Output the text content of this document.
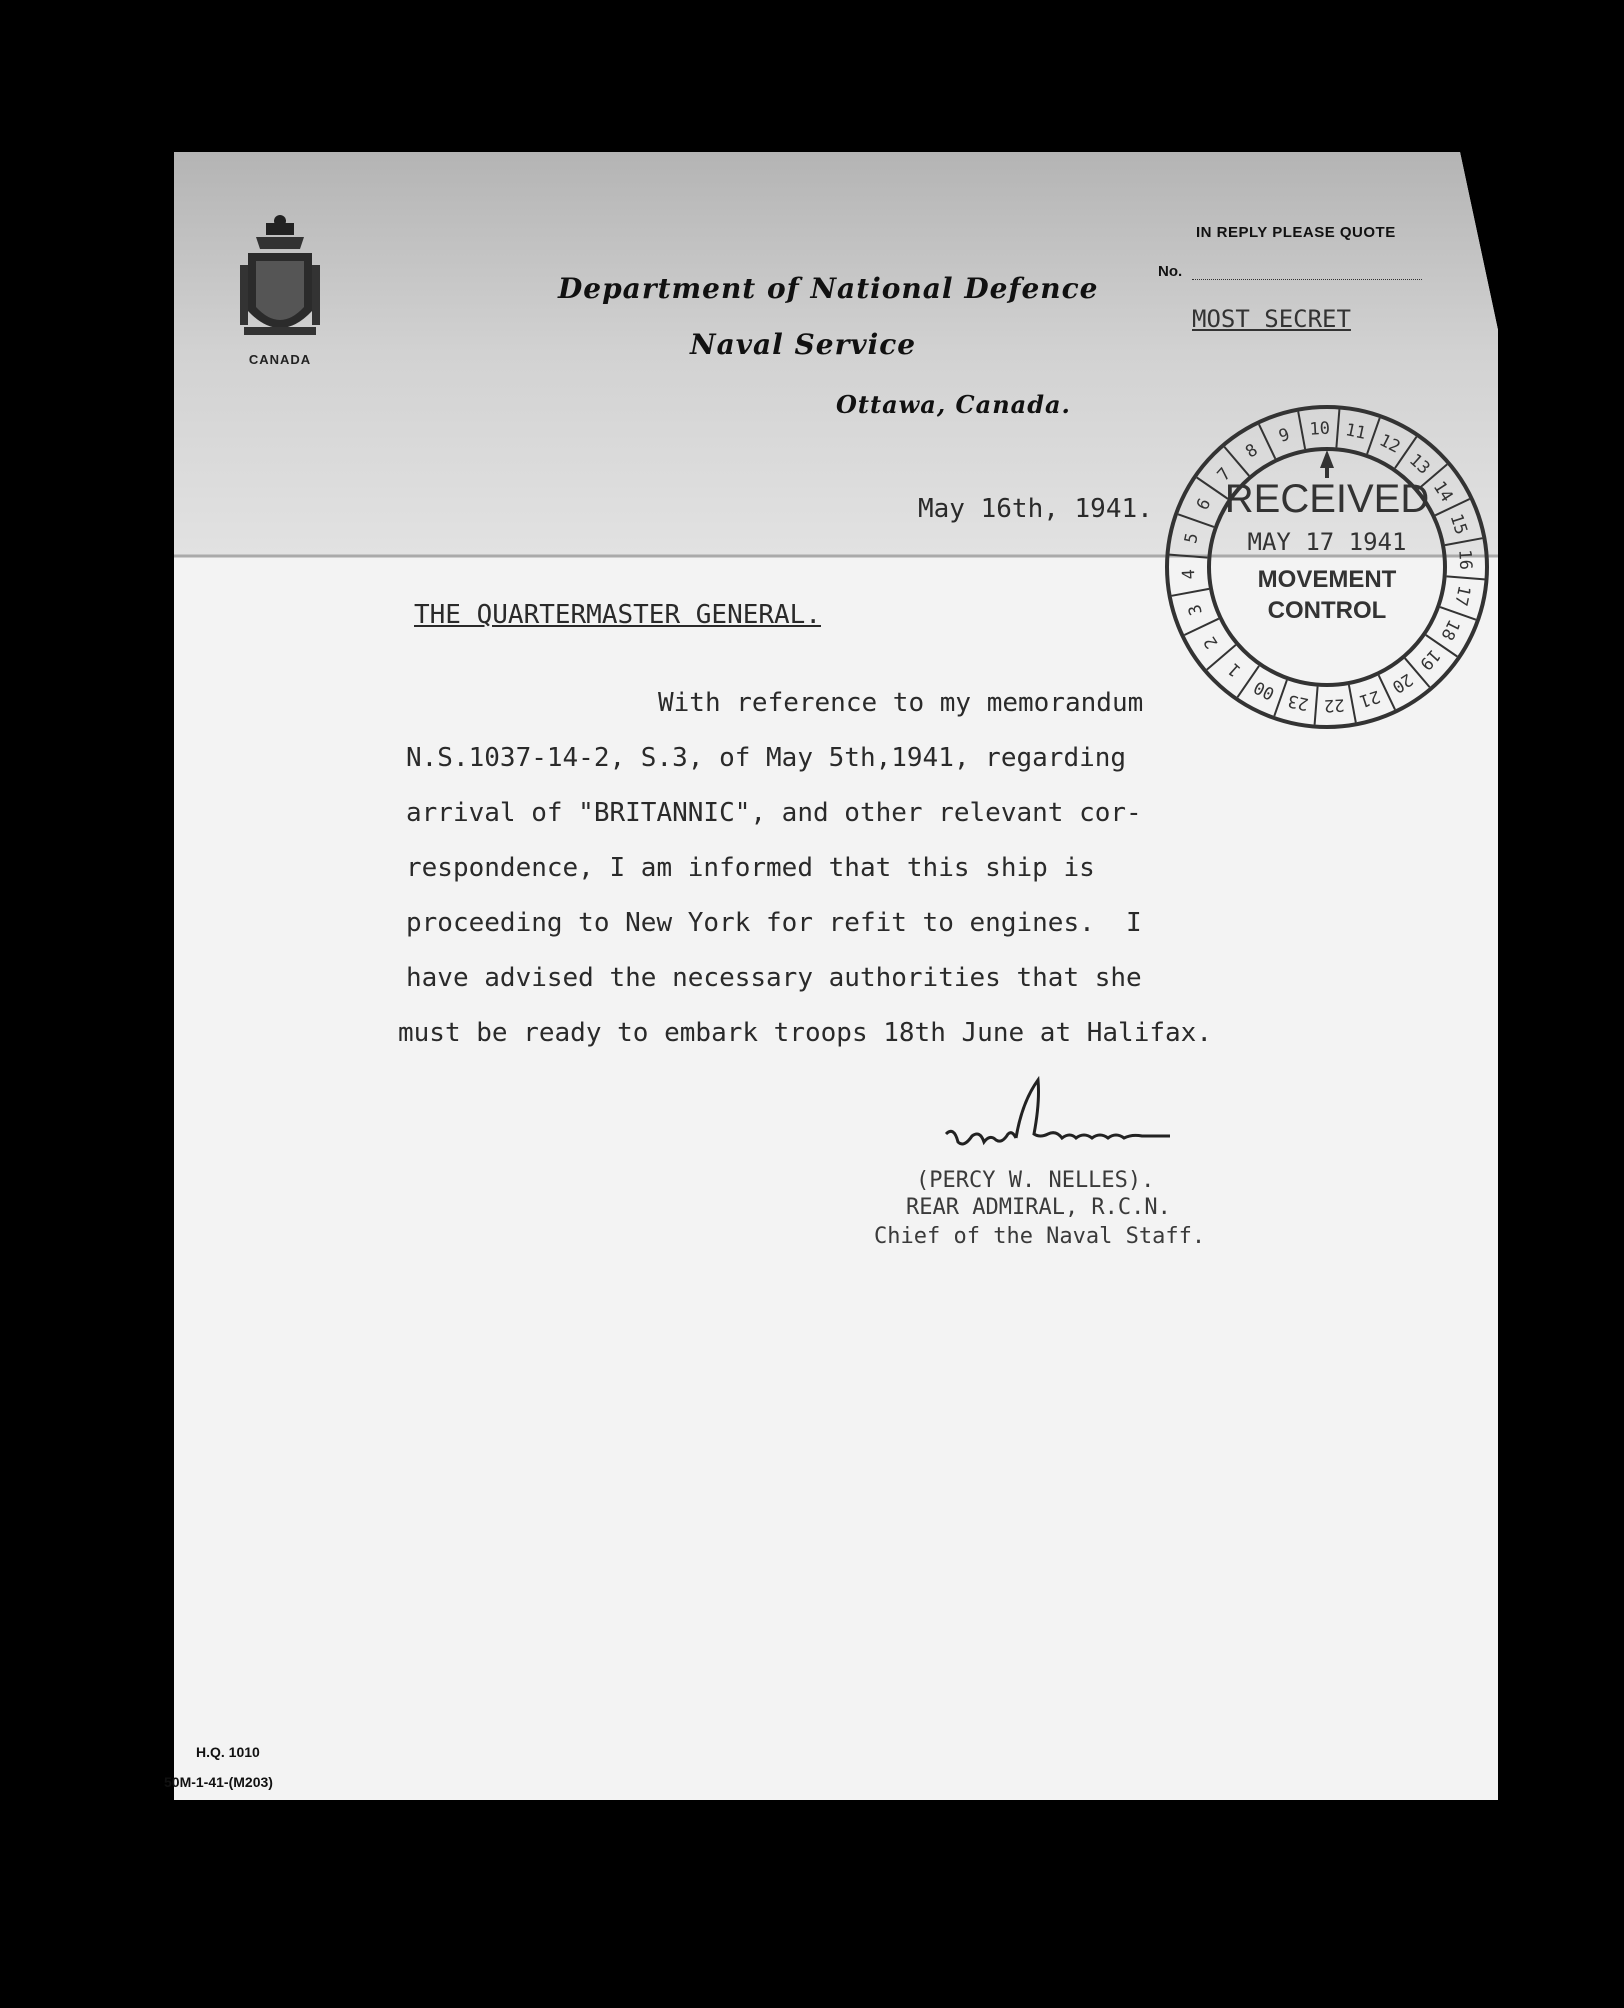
CANADA
Department of National Defence
Naval Service
Ottawa, Canada.
IN REPLY PLEASE QUOTE
No.
MOST SECRET
1
2
3
4
5
6
7
8
9 10 11 12
13
14
15
16
17
18
19
20
21
22
23
00
RECEIVED
MAY 17 1941
MOVEMENT
CONTROL
May 16th, 1941.
THE QUARTERMASTER GENERAL.
With reference to my memorandum
N.S.1037-14-2, S.3, of May 5th,1941, regarding
arrival of "BRITANNIC", and other relevant cor-
respondence, I am informed that this ship is
proceeding to New York for refit to engines.  I
have advised the necessary authorities that she
must be ready to embark troops 18th June at Halifax.
(PERCY W. NELLES).
REAR ADMIRAL, R.C.N.
Chief of the Naval Staff.
H.Q. 1010
50M-1-41-(M203)
